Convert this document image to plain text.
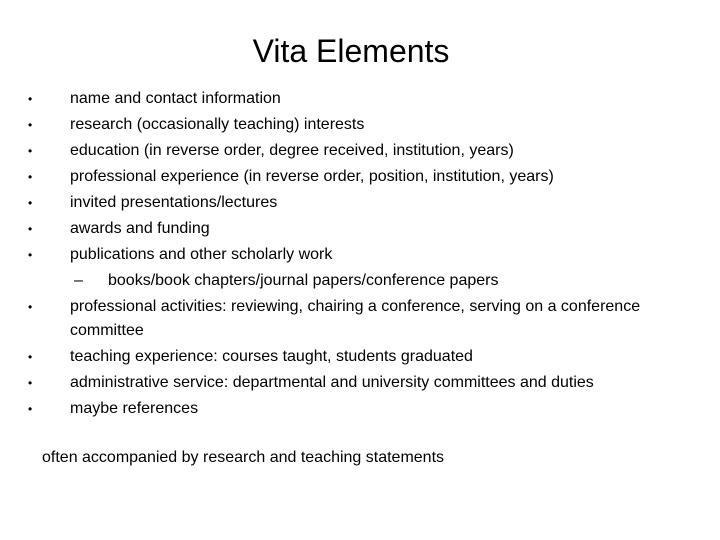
Vita Elements
•	name and contact information
•	research (occasionally teaching) interests
•	education (in reverse order, degree received, institution, years)
•	professional experience (in reverse order, position, institution, years)
•	invited presentations/lectures
•	awards and funding
•	publications and other scholarly work
– books/book chapters/journal papers/conference papers
•	professional activities: reviewing, chairing a conference, serving on a conference committee
•	teaching experience: courses taught, students graduated
•	administrative service: departmental and university committees and duties
•	maybe references
often accompanied by research and teaching statements
